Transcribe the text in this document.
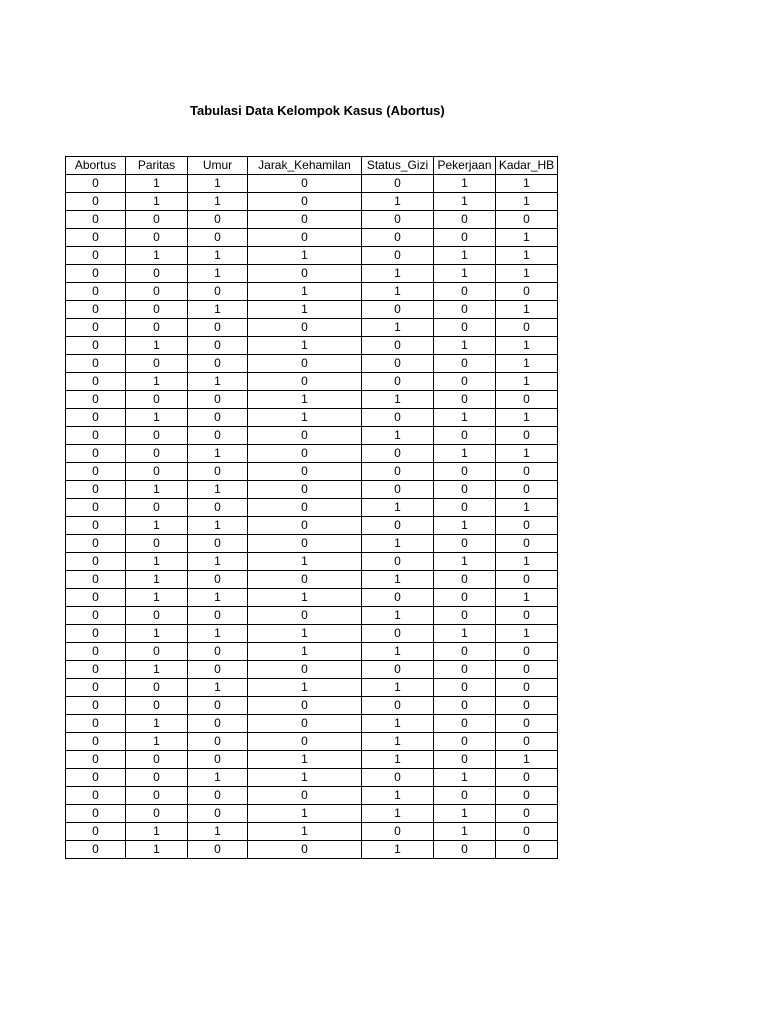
Tabulasi Data Kelompok Kasus (Abortus)
Abortus	Paritas	Umur	Jarak_Kehamilan	Status_Gizi	Pekerjaan	Kadar_HB
0	1	1	0	0	1	1
0	1	1	0	1	1	1
0	0	0	0	0	0	0
0	0	0	0	0	0	1
0	1	1	1	0	1	1
0	0	1	0	1	1	1
0	0	0	1	1	0	0
0	0	1	1	0	0	1
0	0	0	0	1	0	0
0	1	0	1	0	1	1
0	0	0	0	0	0	1
0	1	1	0	0	0	1
0	0	0	1	1	0	0
0	1	0	1	0	1	1
0	0	0	0	1	0	0
0	0	1	0	0	1	1
0	0	0	0	0	0	0
0	1	1	0	0	0	0
0	0	0	0	1	0	1
0	1	1	0	0	1	0
0	0	0	0	1	0	0
0	1	1	1	0	1	1
0	1	0	0	1	0	0
0	1	1	1	0	0	1
0	0	0	0	1	0	0
0	1	1	1	0	1	1
0	0	0	1	1	0	0
0	1	0	0	0	0	0
0	0	1	1	1	0	0
0	0	0	0	0	0	0
0	1	0	0	1	0	0
0	1	0	0	1	0	0
0	0	0	1	1	0	1
0	0	1	1	0	1	0
0	0	0	0	1	0	0
0	0	0	1	1	1	0
0	1	1	1	0	1	0
0	1	0	0	1	0	0
